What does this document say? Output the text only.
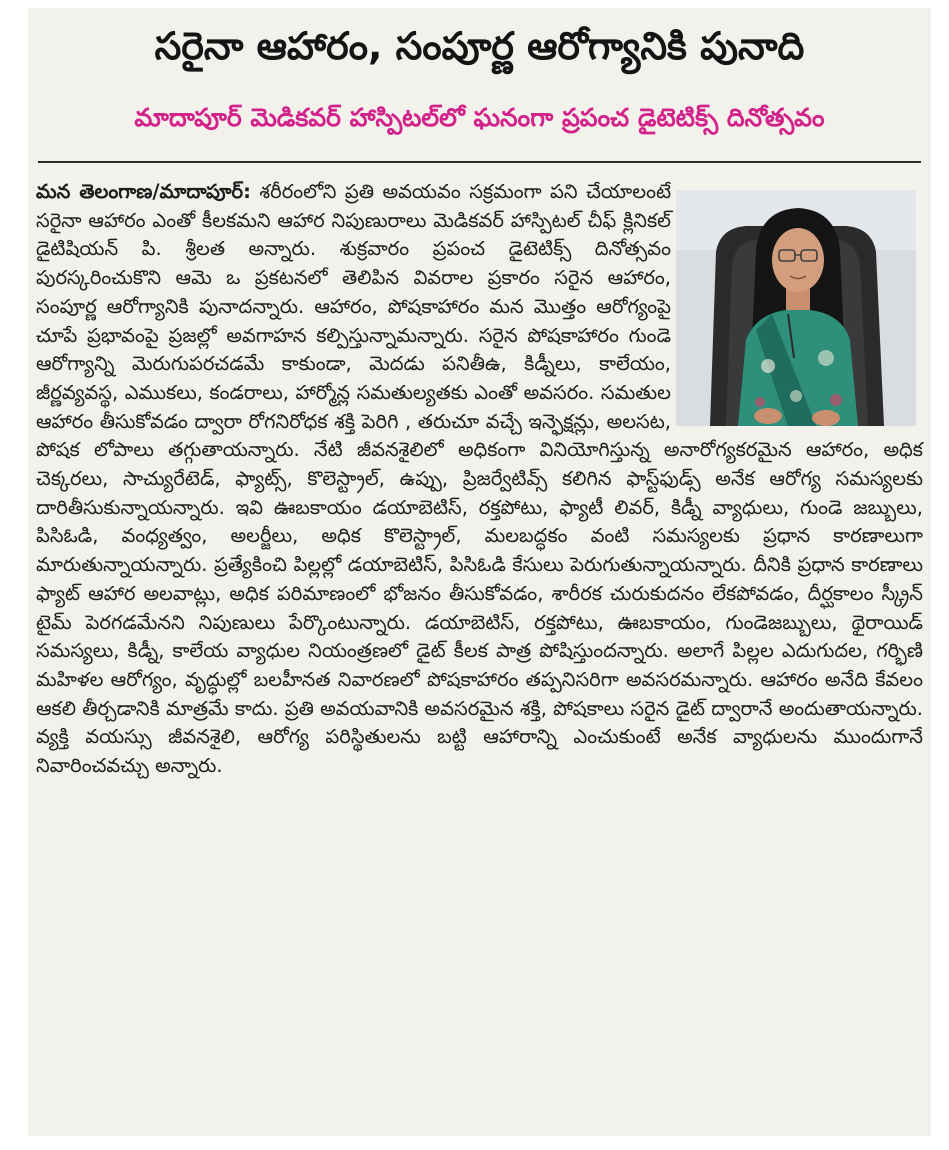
సరైనా ఆహారం, సంపూర్ణ ఆరోగ్యానికి పునాది
మాదాపూర్ మెడికవర్ హాస్పిటల్‌లో ఘనంగా ప్రపంచ డైటెటిక్స్ దినోత్సవం
మన తెలంగాణ/మాదాపూర్: శరీరంలోని ప్రతి అవయవం సక్రమంగా పని చేయాలంటే సరైనా ఆహారం ఎంతో కీలకమని ఆహార నిపుణురాలు మెడికవర్ హాస్పిటల్ చీఫ్ క్లినికల్ డైటిషియన్ పి. శ్రీలత అన్నారు. శుక్రవారం ప్రపంచ డైటెటిక్స్ దినోత్సవం పురస్కరించుకొని ఆమె ఒ ప్రకటనలో తెలిపిన వివరాల ప్రకారం సరైన ఆహారం, సంపూర్ణ ఆరోగ్యానికి పునాదన్నారు. ఆహారం, పోషకాహారం మన మొత్తం ఆరోగ్యంపై చూపే ప్రభావంపై ప్రజల్లో అవగాహన కల్పిస్తున్నామన్నారు. సరైన పోషకాహారం గుండె ఆరోగ్యాన్ని మెరుగుపరచడమే కాకుండా, మెదడు పనితీఉ, కిడ్నీలు, కాలేయం, జీర్ణవ్యవస్థ, ఎముకలు, కండరాలు, హార్మోన్ల సమతుల్యతకు ఎంతో అవసరం. సమతుల ఆహారం తీసుకోవడం ద్వారా రోగనిరోధక శక్తి పెరిగి , తరుచూ వచ్చే ఇన్ఫెక్షన్లు, అలసట, పోషక లోపాలు తగ్గుతాయన్నారు. నేటి జీవనశైలిలో అధికంగా వినియోగిస్తున్న అనారోగ్యకరమైన ఆహారం, అధిక చెక్కరలు, సాచ్యురేటెడ్, ఫ్యాట్స్, కొలెస్ట్రాల్, ఉప్పు, ప్రిజర్వేటివ్స్ కలిగిన ఫాస్ట్‌ఫుడ్స్ అనేక ఆరోగ్య సమస్యలకు దారితీసుకున్నాయన్నారు. ఇవి ఊబకాయం డయాబెటిస్, రక్తపోటు, ఫ్యాటీ లివర్, కిడ్నీ వ్యాధులు, గుండె జబ్బులు, పిసిఓడి, వంధ్యత్వం, అలర్జీలు, అధిక కొలెస్ట్రాల్, మలబద్ధకం వంటి సమస్యలకు ప్రధాన కారణాలుగా మారుతున్నాయన్నారు. ప్రత్యేకించి పిల్లల్లో డయాబెటిస్, పిసిఓడి కేసులు పెరుగుతున్నాయన్నారు. దీనికి ప్రధాన కారణాలు ఫ్యాట్ ఆహార అలవాట్లు, అధిక పరిమాణంలో భోజనం తీసుకోవడం, శారీరక చురుకుదనం లేకపోవడం, దీర్ఘకాలం స్క్రీన్ టైమ్ పెరగడమేనని నిపుణులు పేర్కొంటున్నారు. డయాబెటిస్, రక్తపోటు, ఊబకాయం, గుండెజబ్బులు, థైరాయిడ్ సమస్యలు, కిడ్నీ, కాలేయ వ్యాధుల నియంత్రణలో డైట్ కీలక పాత్ర పోషిస్తుందన్నారు. అలాగే పిల్లల ఎదుగుదల, గర్భిణి మహిళల ఆరోగ్యం, వృద్ధుల్లో బలహీనత నివారణలో పోషకాహారం తప్పనిసరిగా అవసరమన్నారు. ఆహారం అనేది కేవలం ఆకలి తీర్చడానికి మాత్రమే కాదు. ప్రతి అవయవానికి అవసరమైన శక్తి, పోషకాలు సరైన డైట్ ద్వారానే అందుతాయన్నారు. వ్యక్తి వయస్సు జీవనశైలి, ఆరోగ్య పరిస్థితులను బట్టి ఆహారాన్ని ఎంచుకుంటే అనేక వ్యాధులను ముందుగానే నివారించవచ్చు అన్నారు.
